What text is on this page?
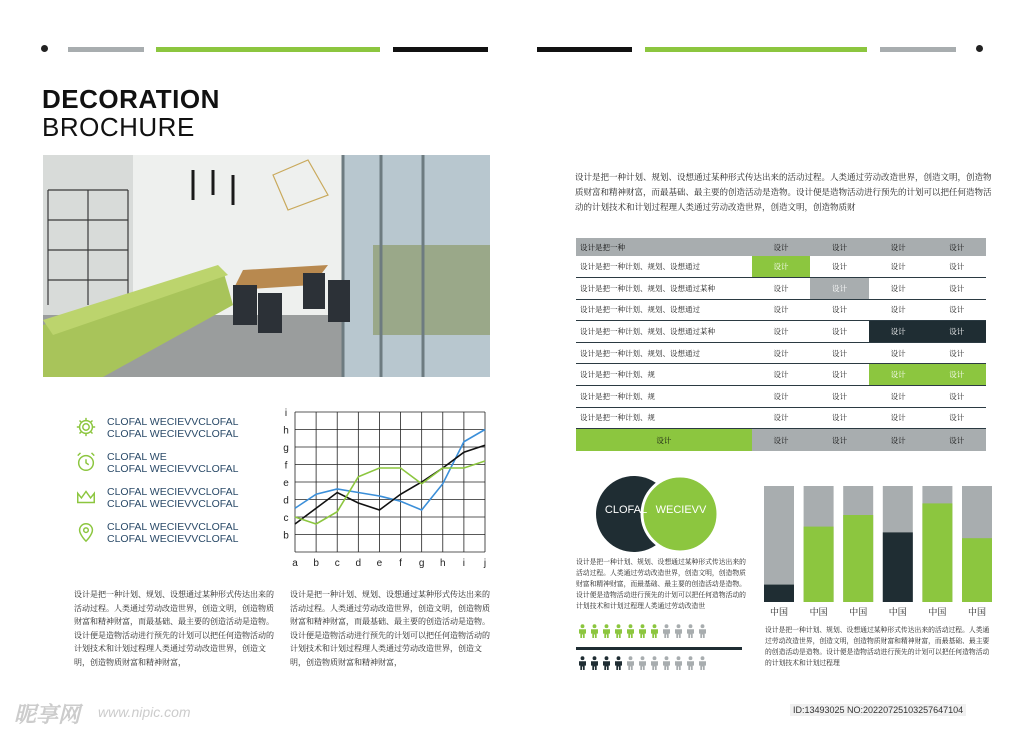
DECORATION
BROCHURE
CLOFAL WECIEVVCLOFAL
CLOFAL WECIEVVCLOFAL
CLOFAL WE
CLOFAL WECIEVVCLOFAL
CLOFAL WECIEVVCLOFAL
CLOFAL WECIEVVCLOFAL
CLOFAL WECIEVVCLOFAL
CLOFAL WECIEVVCLOFAL
a b c d e f g h i j
b
c
d
e
f
g
h
i
设计是把一种计划、规划、设想通过某种形式传达出来的活动过程。人类通过劳动改造世界，创造文明，创造物质财富和精神财富，而最基础、最主要的创造活动是造物。设计便是造物活动进行预先的计划可以把任何造物活动的计划技术和计划过程理人类通过劳动改造世界，创造文明，创造物质财富和精神财富，
设计是把一种计划、规划、设想通过某种形式传达出来的活动过程。人类通过劳动改造世界，创造文明，创造物质财富和精神财富，而最基础、最主要的创造活动是造物。设计便是造物活动进行预先的计划可以把任何造物活动的计划技术和计划过程理人类通过劳动改造世界，创造文明，创造物质财富和精神财富，
设计是把一种计划、规划、设想通过某种形式传达出来的活动过程。人类通过劳动改造世界，创造文明，创造物质财富和精神财富，而最基础、最主要的创造活动是造物。设计便是造物活动进行预先的计划可以把任何造物活动的计划技术和计划过程理人类通过劳动改造世界，创造文明，创造物质财
设计是把一种	设计	设计	设计	设计
设计是把一种计划、规划、设想通过	设计	设计	设计	设计
设计是把一种计划、规划、设想通过某种	设计	设计	设计	设计
设计是把一种计划、规划、设想通过	设计	设计	设计	设计
设计是把一种计划、规划、设想通过某种	设计	设计	设计	设计
设计是把一种计划、规划、设想通过	设计	设计	设计	设计
设计是把一种计划、规	设计	设计	设计	设计
设计是把一种计划、规	设计	设计	设计	设计
设计是把一种计划、规	设计	设计	设计	设计
设计	设计	设计	设计	设计
CLOFAL WECIEVV
设计是把一种计划、规划、设想通过某种形式传达出来的活动过程。人类通过劳动改造世界，创造文明，创造物质财富和精神财富，而最基础、最主要的创造活动是造物。设计便是造物活动进行预先的计划可以把任何造物活动的计划技术和计划过程理人类通过劳动改造世
中国 中国 中国 中国 中国 中国
设计是把一种计划、规划、设想通过某种形式传达出来的活动过程。人类通过劳动改造世界，创造文明，创造物质财富和精神财富，而最基础、最主要的创造活动是造物。设计便是造物活动进行预先的计划可以把任何造物活动的计划技术和计划过程理
昵享网 www.nipic.com	ID:13493025 NO:20220725103257647104
